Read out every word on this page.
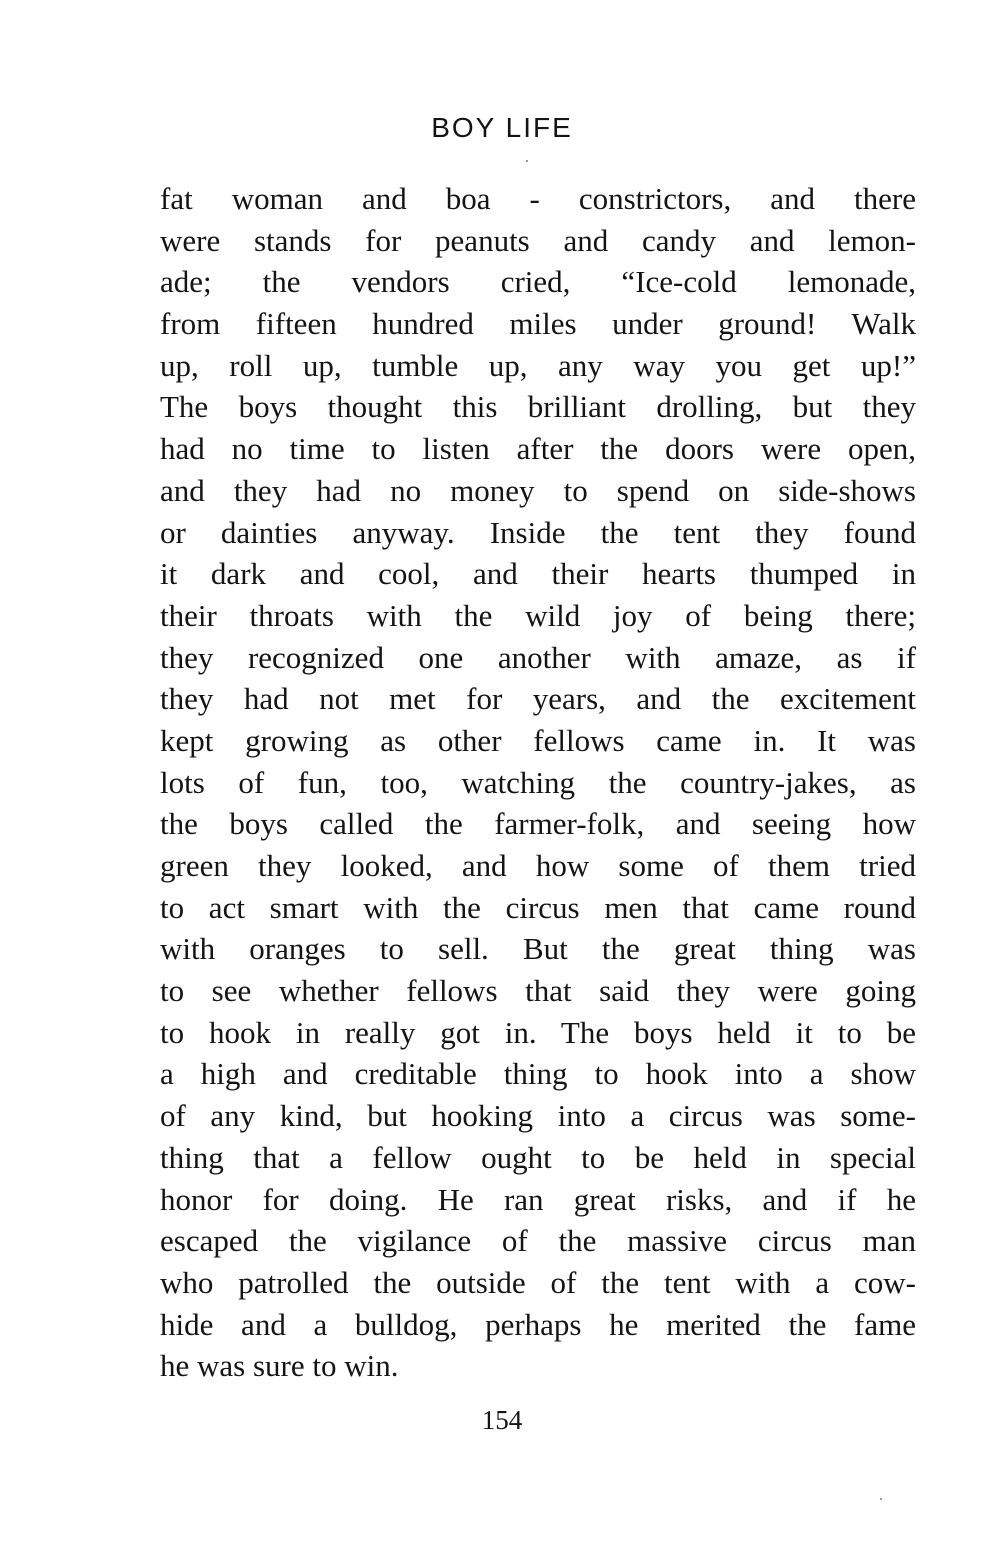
BOY LIFE
fat woman and boa - constrictors, and there
were stands for peanuts and candy and lemon-
ade; the vendors cried, “Ice-cold lemonade,
from fifteen hundred miles under ground! Walk
up, roll up, tumble up, any way you get up!”
The boys thought this brilliant drolling, but they
had no time to listen after the doors were open,
and they had no money to spend on side-shows
or dainties anyway. Inside the tent they found
it dark and cool, and their hearts thumped in
their throats with the wild joy of being there;
they recognized one another with amaze, as if
they had not met for years, and the excitement
kept growing as other fellows came in. It was
lots of fun, too, watching the country-jakes, as
the boys called the farmer-folk, and seeing how
green they looked, and how some of them tried
to act smart with the circus men that came round
with oranges to sell. But the great thing was
to see whether fellows that said they were going
to hook in really got in. The boys held it to be
a high and creditable thing to hook into a show
of any kind, but hooking into a circus was some-
thing that a fellow ought to be held in special
honor for doing. He ran great risks, and if he
escaped the vigilance of the massive circus man
who patrolled the outside of the tent with a cow-
hide and a bulldog, perhaps he merited the fame
he was sure to win.
154
